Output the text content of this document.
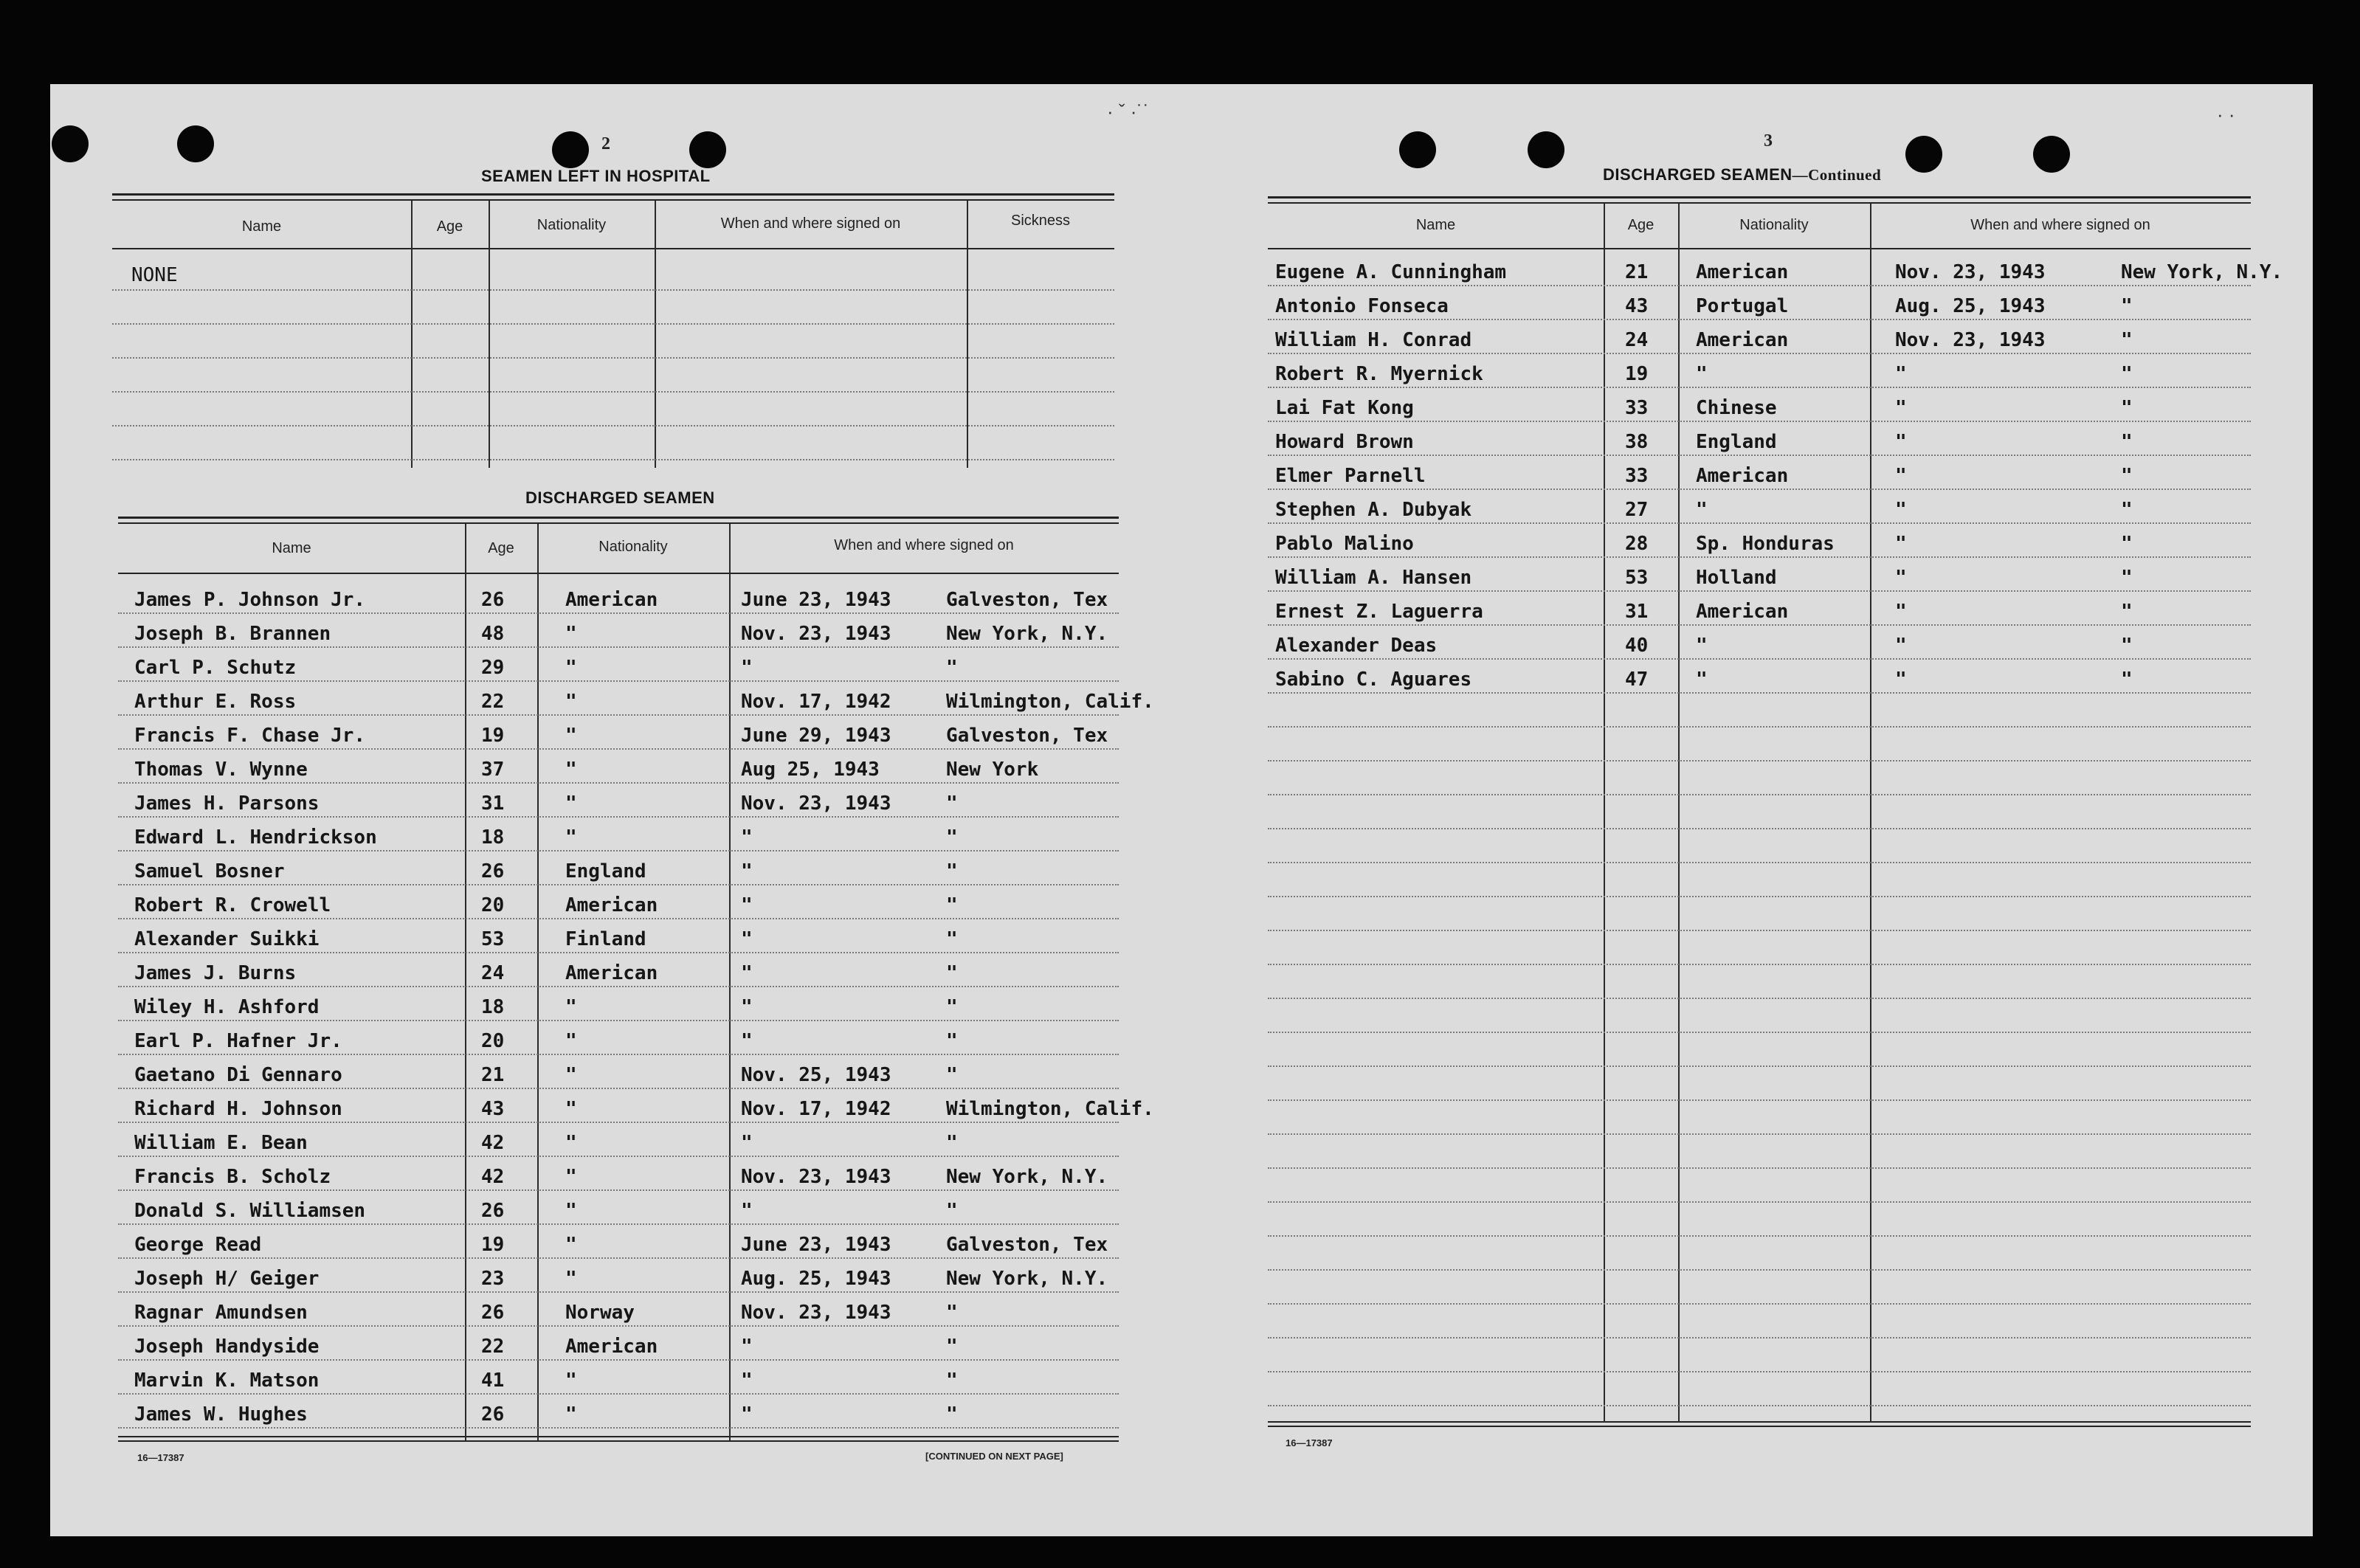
2
SEAMEN LEFT IN HOSPITAL
Name	Age	Nationality	When and where signed on	Sickness
NONE
DISCHARGED SEAMEN
Name	Age	Nationality	When and where signed on
James P. Johnson Jr.	26	American	June 23, 1943	Galveston, Tex
Joseph B. Brannen	48	"	Nov. 23, 1943	New York, N.Y.
Carl P. Schutz	29	"	"	"
Arthur E. Ross	22	"	Nov. 17, 1942	Wilmington, Calif.
Francis F. Chase Jr.	19	"	June 29, 1943	Galveston, Tex
Thomas V. Wynne	37	"	Aug 25, 1943	New York
James H. Parsons	31	"	Nov. 23, 1943	"
Edward L. Hendrickson	18	"	"	"
Samuel Bosner	26	England	"	"
Robert R. Crowell	20	American	"	"
Alexander Suikki	53	Finland	"	"
James J. Burns	24	American	"	"
Wiley H. Ashford	18	"	"	"
Earl P. Hafner Jr.	20	"	"	"
Gaetano Di Gennaro	21	"	Nov. 25, 1943	"
Richard H. Johnson	43	"	Nov. 17, 1942	Wilmington, Calif.
William E. Bean	42	"	"	"
Francis B. Scholz	42	"	Nov. 23, 1943	New York, N.Y.
Donald S. Williamsen	26	"	"	"
George Read	19	"	June 23, 1943	Galveston, Tex
Joseph H/ Geiger	23	"	Aug. 25, 1943	New York, N.Y.
Ragnar Amundsen	26	Norway	Nov. 23, 1943	"
Joseph Handyside	22	American	"	"
Marvin K. Matson	41	"	"	"
James W. Hughes	26	"	"	"
16—17387	[CONTINUED ON NEXT PAGE]
3
DISCHARGED SEAMEN—Continued
Name	Age	Nationality	When and where signed on
Eugene A. Cunningham	21 American	Nov. 23, 1943	New York, N.Y.
Antonio Fonseca	43 Portugal	Aug. 25, 1943	"
William H. Conrad	24 American	Nov. 23, 1943	"
Robert R. Myernick	19 "	"	"
Lai Fat Kong	33 Chinese	"	"
Howard Brown	38 England	"	"
Elmer Parnell	33 American	"	"
Stephen A. Dubyak	27 "	"	"
Pablo Malino	28 Sp. Honduras	"	"
William A. Hansen	53 Holland	"	"
Ernest Z. Laguerra	31 American	"	"
Alexander Deas	40 "	"	"
Sabino C. Aguares	47 "	"	"
16—17387
· ˇ ·˙˙	· ·
